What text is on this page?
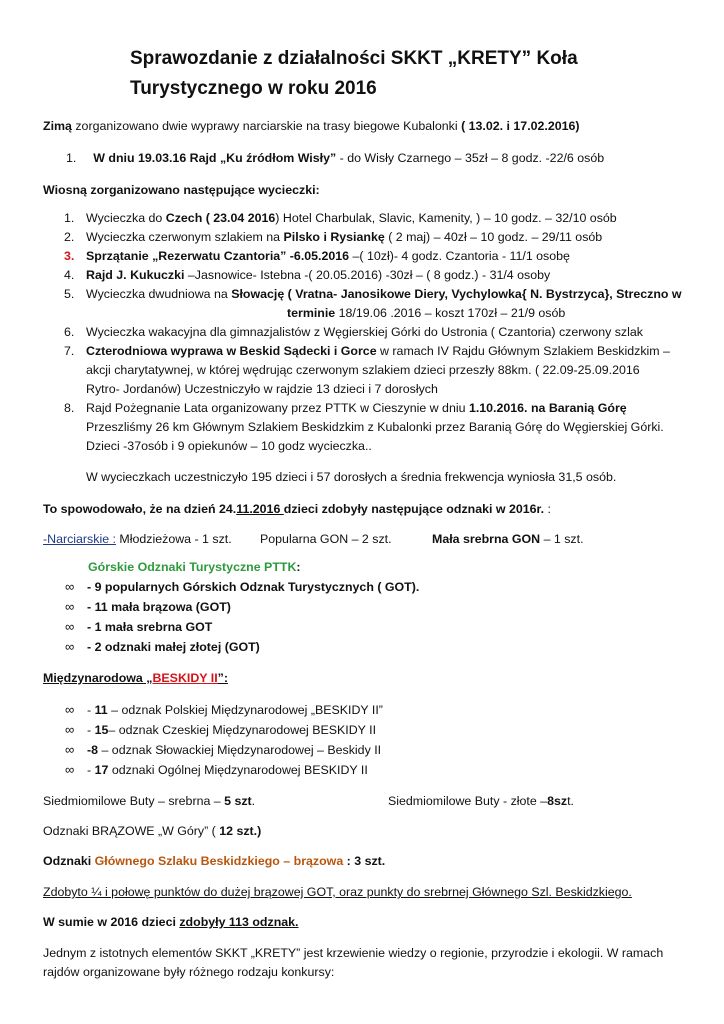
Sprawozdanie z działalności SKKT „KRETY” Koła
Turystycznego w roku 2016
Zimą zorganizowano dwie wyprawy narciarskie na trasy biegowe Kubalonki ( 13.02. i 17.02.2016)
1. W dniu 19.03.16 Rajd „Ku źródłom Wisły” - do Wisły Czarnego – 35zł – 8 godz. -22/6 osób
Wiosną zorganizowano następujące wycieczki:
1. Wycieczka do Czech ( 23.04 2016) Hotel Charbulak, Slavic, Kamenity, ) – 10 godz. – 32/10 osób
2. Wycieczka czerwonym szlakiem na Pilsko i Rysiankę ( 2 maj) – 40zł – 10 godz. – 29/11 osób
3. Sprzątanie „Rezerwatu Czantoria” -6.05.2016 –( 10zł)- 4 godz. Czantoria - 11/1 osobę
4. Rajd J. Kukuczki –Jasnowice- Istebna -( 20.05.2016) -30zł – ( 8 godz.) - 31/4 osoby
5. Wycieczka dwudniowa na Słowację ( Vratna- Janosikowe Diery, Vychylowka{ N. Bystrzyca}, Streczno w
terminie 18/19.06 .2016 – koszt 170zł – 21/9 osób
6. Wycieczka wakacyjna dla gimnazjalistów z Węgierskiej Górki do Ustronia ( Czantoria) czerwony szlak
7. Czterodniowa wyprawa w Beskid Sądecki i Gorce w ramach IV Rajdu Głównym Szlakiem Beskidzkim –
akcji charytatywnej, w której wędrując czerwonym szlakiem dzieci przeszły 88km. ( 22.09-25.09.2016
Rytro- Jordanów) Uczestniczyło w rajdzie 13 dzieci i 7 dorosłych
8. Rajd Pożegnanie Lata organizowany przez PTTK w Cieszynie w dniu 1.10.2016. na Baranią Górę
Przeszliśmy 26 km Głównym Szlakiem Beskidzkim z Kubalonki przez Baranią Górę do Węgierskiej Górki.
Dzieci -37osób i 9 opiekunów – 10 godz wycieczka..
W wycieczkach uczestniczyło 195 dzieci i 57 dorosłych a średnia frekwencja wyniosła 31,5 osób.
To spowodowało, że na dzień 24.11.2016 dzieci zdobyły następujące odznaki w 2016r. :
-Narciarskie : Młodzieżowa - 1 szt. Popularna GON – 2 szt.	Mała srebrna GON – 1 szt.
Górskie Odznaki Turystyczne PTTK:
∞ - 9 popularnych Górskich Odznak Turystycznych ( GOT).
∞ - 11 mała brązowa (GOT)
∞ - 1 mała srebrna GOT
∞ - 2 odznaki małej złotej (GOT)
Międzynarodowa „BESKIDY II”:
∞ - 11 – odznak Polskiej Międzynarodowej „BESKIDY II”
∞ - 15– odznak Czeskiej Międzynarodowej BESKIDY II
∞ -8 – odznak Słowackiej Międzynarodowej – Beskidy II
∞ - 17 odznaki Ogólnej Międzynarodowej BESKIDY II
Siedmiomilowe Buty – srebrna – 5 szt.	Siedmiomilowe Buty - złote –8szt.
Odznaki BRĄZOWE „W Góry” ( 12 szt.)
Odznaki Głównego Szlaku Beskidzkiego – brązowa : 3 szt.
Zdobyto ¼ i połowę punktów do dużej brązowej GOT, oraz punkty do srebrnej Głównego Szl. Beskidzkiego.
W sumie w 2016 dzieci zdobyły 113 odznak.
Jednym z istotnych elementów SKKT „KRETY” jest krzewienie wiedzy o regionie, przyrodzie i ekologii. W ramach
rajdów organizowane były różnego rodzaju konkursy:
